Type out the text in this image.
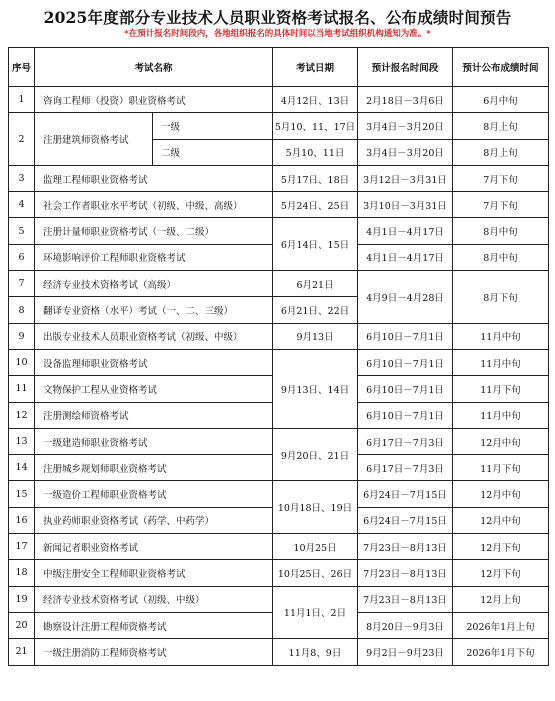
2025年度部分专业技术人员职业资格考试报名、公布成绩时间预告
*在预计报名时间段内，各地组织报名的具体时间以当地考试组织机构通知为准。*
序号	考试名称		考试日期	预计报名时间段	预计公布成绩时间
1	咨询工程师（投资）职业资格考试		4月12日、13日	2月18日－3月6日	6月中旬
2	注册建筑师资格考试	一级	5月10、11、17日	3月4日－3月20日	8月上旬
		二级	5月10、11日	3月4日－3月20日	8月上旬
3	监理工程师职业资格考试		5月17日、18日	3月12日－3月31日	7月下旬
4	社会工作者职业水平考试（初级、中级、高级）		5月24日、25日	3月10日－3月31日	7月下旬
5	注册计量师职业资格考试（一级、二级）		6月14日、15日	4月1日－4月17日	8月中旬
6	环境影响评价工程师职业资格考试			4月1日－4月17日	8月中旬
7	经济专业技术资格考试（高级）		6月21日	4月9日－4月28日	8月下旬
8	翻译专业资格（水平）考试（一、二、三级）		6月21日、22日		
9	出版专业技术人员职业资格考试（初级、中级）		9月13日	6月10日－7月1日	11月中旬
10	设备监理师职业资格考试		9月13日、14日	6月10日－7月1日	11月中旬
11	文物保护工程从业资格考试			6月10日－7月1日	11月下旬
12	注册测绘师资格考试			6月10日－7月1日	11月中旬
13	一级建造师职业资格考试		9月20日、21日	6月17日－7月3日	12月中旬
14	注册城乡规划师职业资格考试			6月17日－7月3日	11月下旬
15	一级造价工程师职业资格考试		10月18日、19日	6月24日－7月15日	12月中旬
16	执业药师职业资格考试（药学、中药学）			6月24日－7月15日	12月中旬
17	新闻记者职业资格考试		10月25日	7月23日－8月13日	12月下旬
18	中级注册安全工程师职业资格考试		10月25日、26日	7月23日－8月13日	12月下旬
19	经济专业技术资格考试（初级、中级）		11月1日、2日	7月23日－8月13日	12月上旬
20	勘察设计注册工程师资格考试			8月20日－9月3日	2026年1月上旬
21	一级注册消防工程师资格考试		11月8、9日	9月2日－9月23日	2026年1月下旬
